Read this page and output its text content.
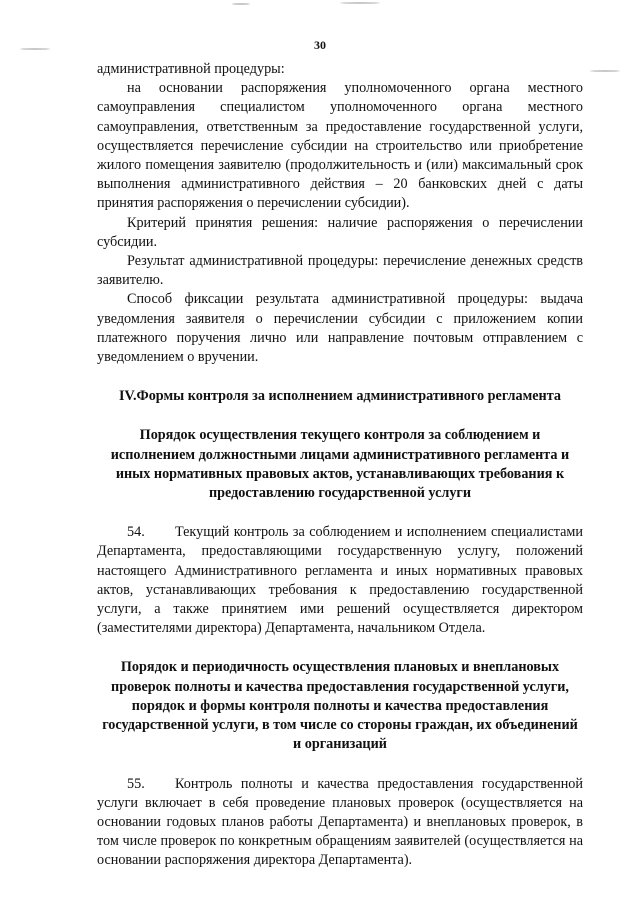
30

административной процедуры:

на основании распоряжения уполномоченного органа местного самоуправления специалистом уполномоченного органа местного самоуправления, ответственным за предоставление государственной услуги, осуществляется перечисление субсидии на строительство или приобретение жилого помещения заявителю (продолжительность и (или) максимальный срок выполнения административного действия – 20 банковских дней с даты принятия распоряжения о перечислении субсидии).

Критерий принятия решения: наличие распоряжения о перечислении субсидии.

Результат административной процедуры: перечисление денежных средств заявителю.

Способ фиксации результата административной процедуры: выдача уведомления заявителя о перечислении субсидии с приложением копии платежного поручения лично или направление почтовым отправлением с уведомлением о вручении.

IV.Формы контроля за исполнением административного регламента
Порядок осуществления текущего контроля за соблюдением и исполнением должностными лицами административного регламента и иных нормативных правовых актов, устанавливающих требования к предоставлению государственной услуги

54. Текущий контроль за соблюдением и исполнением специалистами Департамента, предоставляющими государственную услугу, положений настоящего Административного регламента и иных нормативных правовых актов, устанавливающих требования к предоставлению государственной услуги, а также принятием ими решений осуществляется директором (заместителями директора) Департамента, начальником Отдела.

Порядок и периодичность осуществления плановых и внеплановых проверок полноты и качества предоставления государственной услуги, порядок и формы контроля полноты и качества предоставления государственной услуги, в том числе со стороны граждан, их объединений и организаций

55. Контроль полноты и качества предоставления государственной услуги включает в себя проведение плановых проверок (осуществляется на основании годовых планов работы Департамента) и внеплановых проверок, в том числе проверок по конкретным обращениям заявителей (осуществляется на основании распоряжения директора Департамента).
